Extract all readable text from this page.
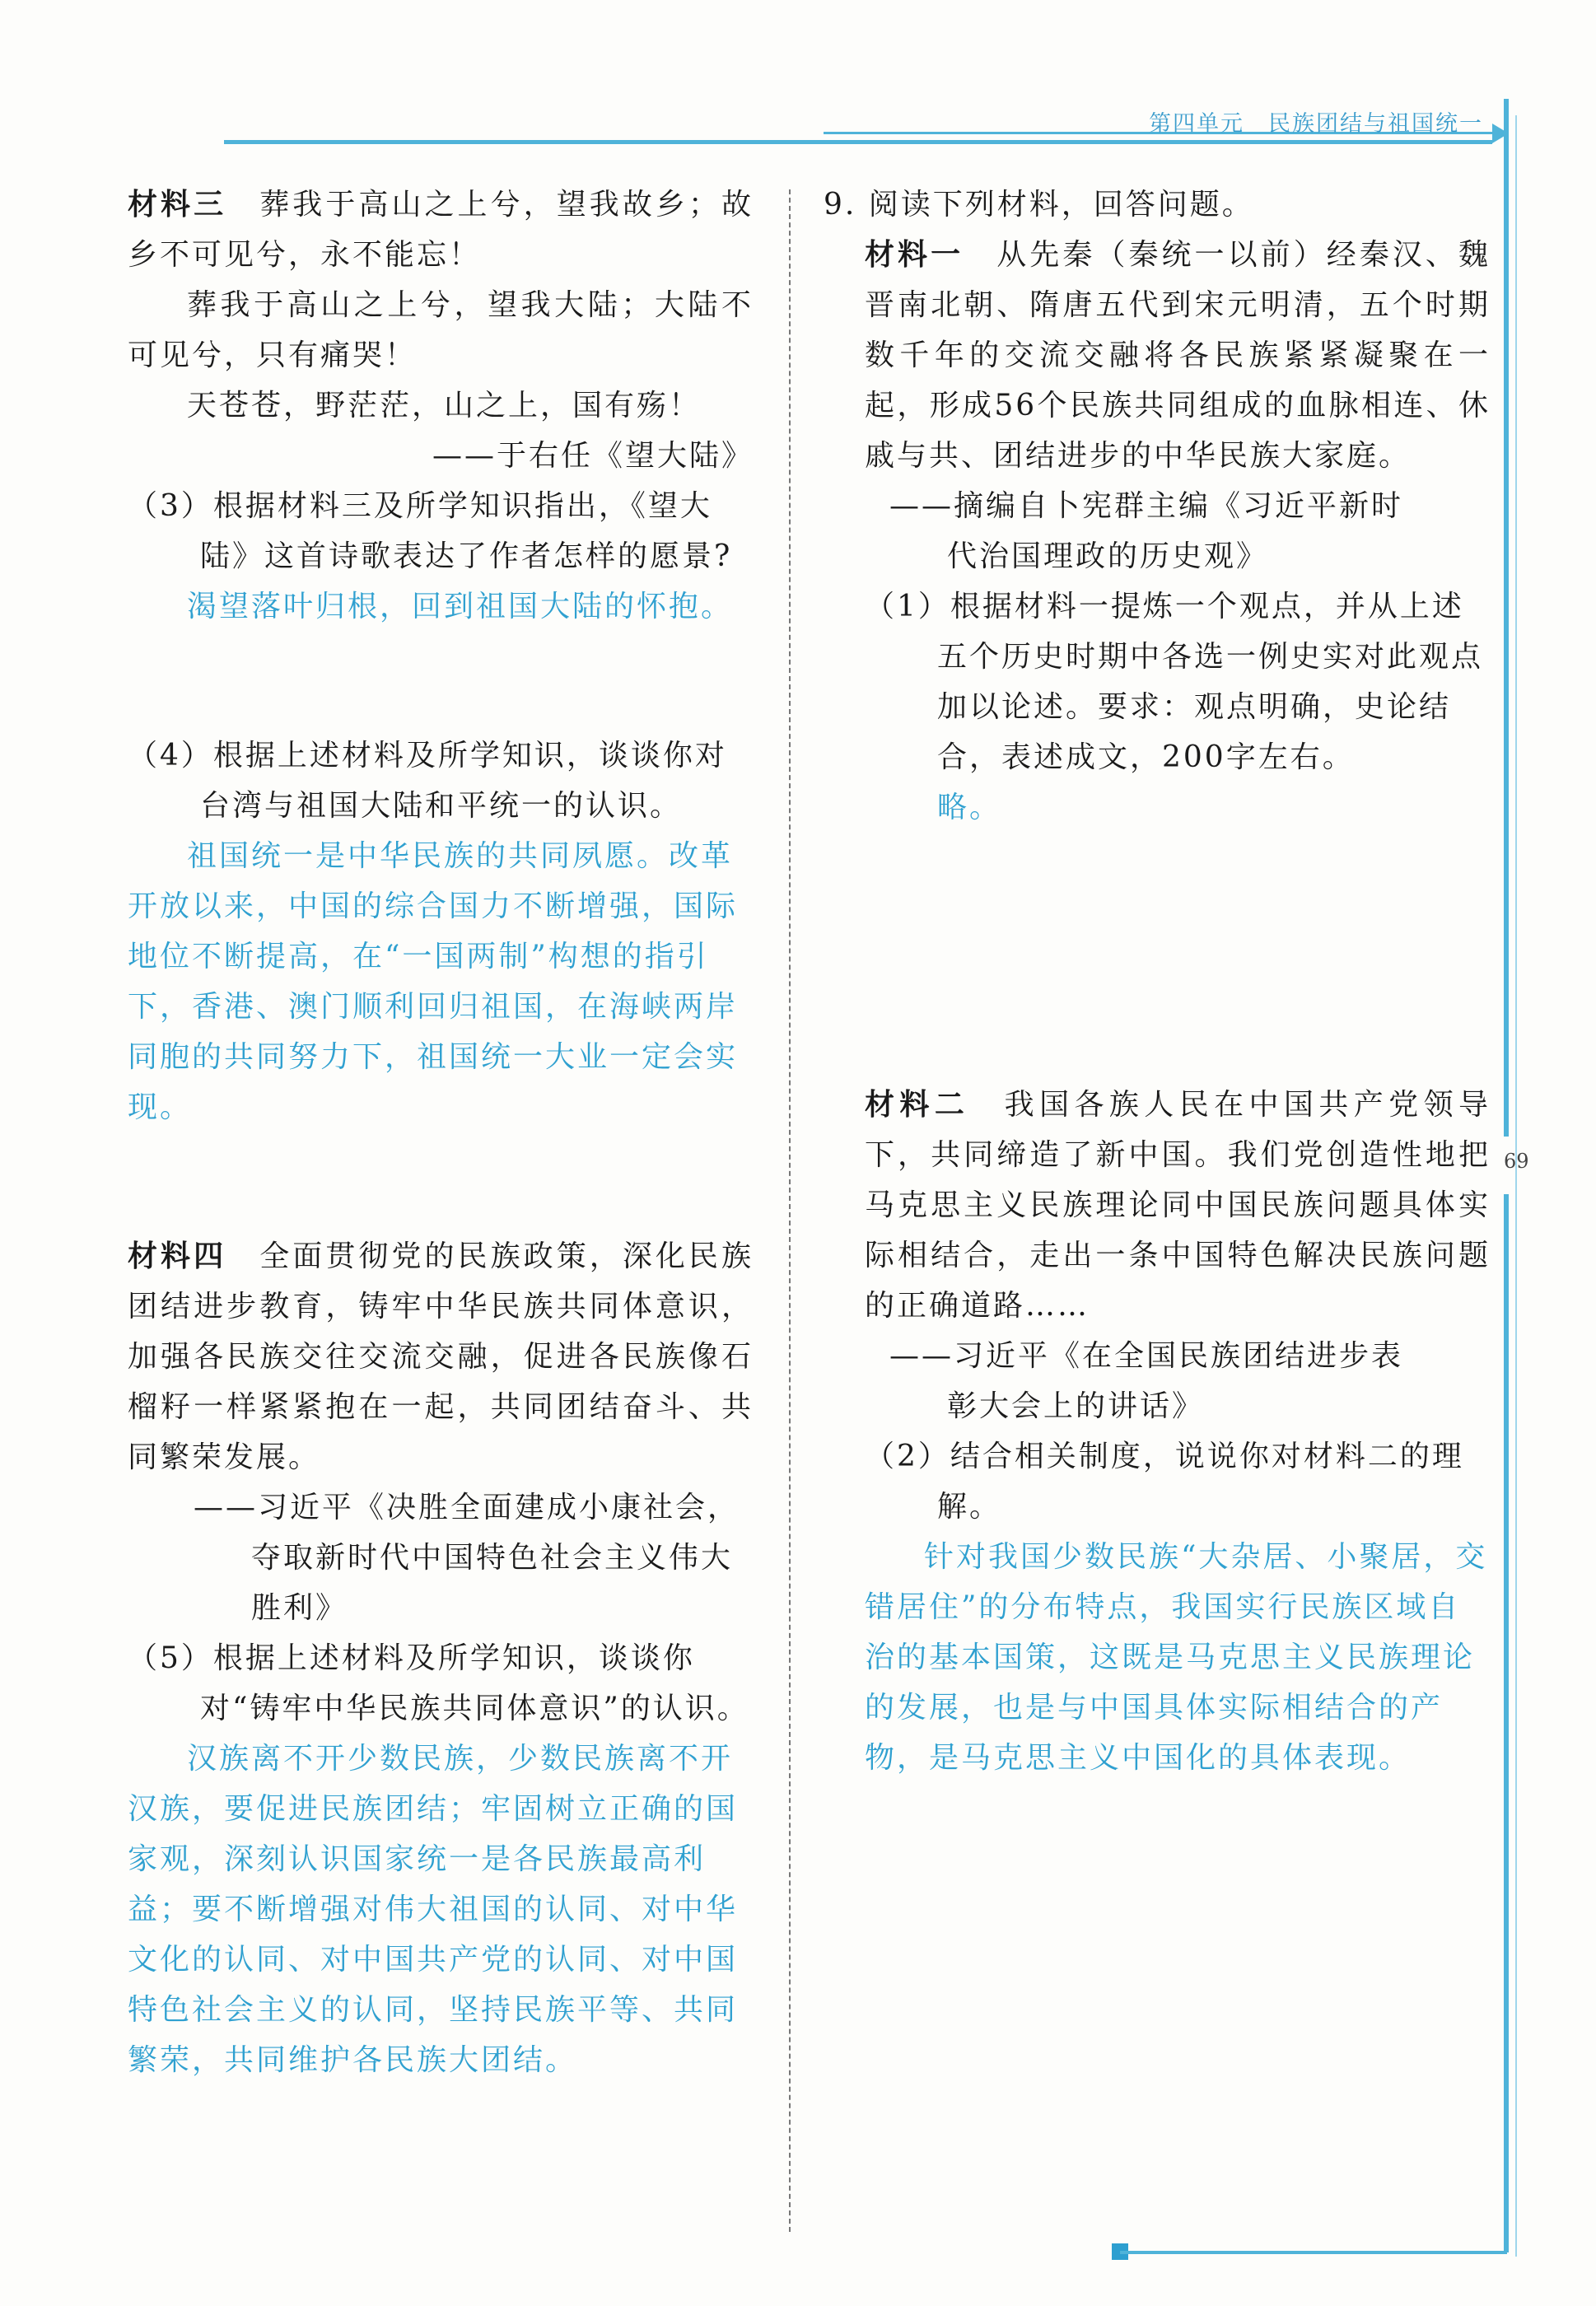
第四单元　民族团结与祖国统一
69

材料三　 葬我于高山之上兮，望我故乡；故乡不可见兮，永不能忘！

葬我于高山之上兮，望我大陆；大陆不可见兮，只有痛哭！

天苍苍，野茫茫，山之上，国有殇！

——于右任《望大陆》

（3）根据材料三及所学知识指出，《望大陆》这首诗歌表达了作者怎样的愿景?

渴望落叶归根，回到祖国大陆的怀抱。

（4）根据上述材料及所学知识，谈谈你对台湾与祖国大陆和平统一的认识。

祖国统一是中华民族的共同夙愿。改革开放以来，中国的综合国力不断增强，国际地位不断提高，在“一国两制”构想的指引下，香港、澳门顺利回归祖国，在海峡两岸同胞的共同努力下，祖国统一大业一定会实现。

材料四　 全面贯彻党的民族政策，深化民族团结进步教育，铸牢中华民族共同体意识，加强各民族交往交流交融，促进各民族像石榴籽一样紧紧抱在一起，共同团结奋斗、共同繁荣发展。

——习近平《决胜全面建成小康社会，

夺取新时代中国特色社会主义伟大胜利》

（5）根据上述材料及所学知识，谈谈你对“铸牢中华民族共同体意识”的认识。

汉族离不开少数民族，少数民族离不开汉族，要促进民族团结；牢固树立正确的国家观，深刻认识国家统一是各民族最高利益；要不断增强对伟大祖国的认同、对中华文化的认同、对中国共产党的认同、对中国特色社会主义的认同，坚持民族平等、共同繁荣，共同维护各民族大团结。

9. 阅读下列材料，回答问题。

材料一　 从先秦（秦统一以前）经秦汉、魏晋南北朝、隋唐五代到宋元明清，五个时期数千年的交流交融将各民族紧紧凝聚在一起，形成56个民族共同组成的血脉相连、休戚与共、团结进步的中华民族大家庭。

——摘编自卜宪群主编《习近平新时

代治国理政的历史观》

（1）根据材料一提炼一个观点，并从上述五个历史时期中各选一例史实对此观点加以论述。要求：观点明确，史论结合，表述成文，200字左右。

略。

材料二　 我国各族人民在中国共产党领导下，共同缔造了新中国。我们党创造性地把马克思主义民族理论同中国民族问题具体实际相结合，走出一条中国特色解决民族问题的正确道路……

——习近平《在全国民族团结进步表

彰大会上的讲话》

（2）结合相关制度，说说你对材料二的理解。

针对我国少数民族“大杂居、小聚居，交错居住”的分布特点，我国实行民族区域自治的基本国策，这既是马克思主义民族理论的发展，也是与中国具体实际相结合的产物，是马克思主义中国化的具体表现。
